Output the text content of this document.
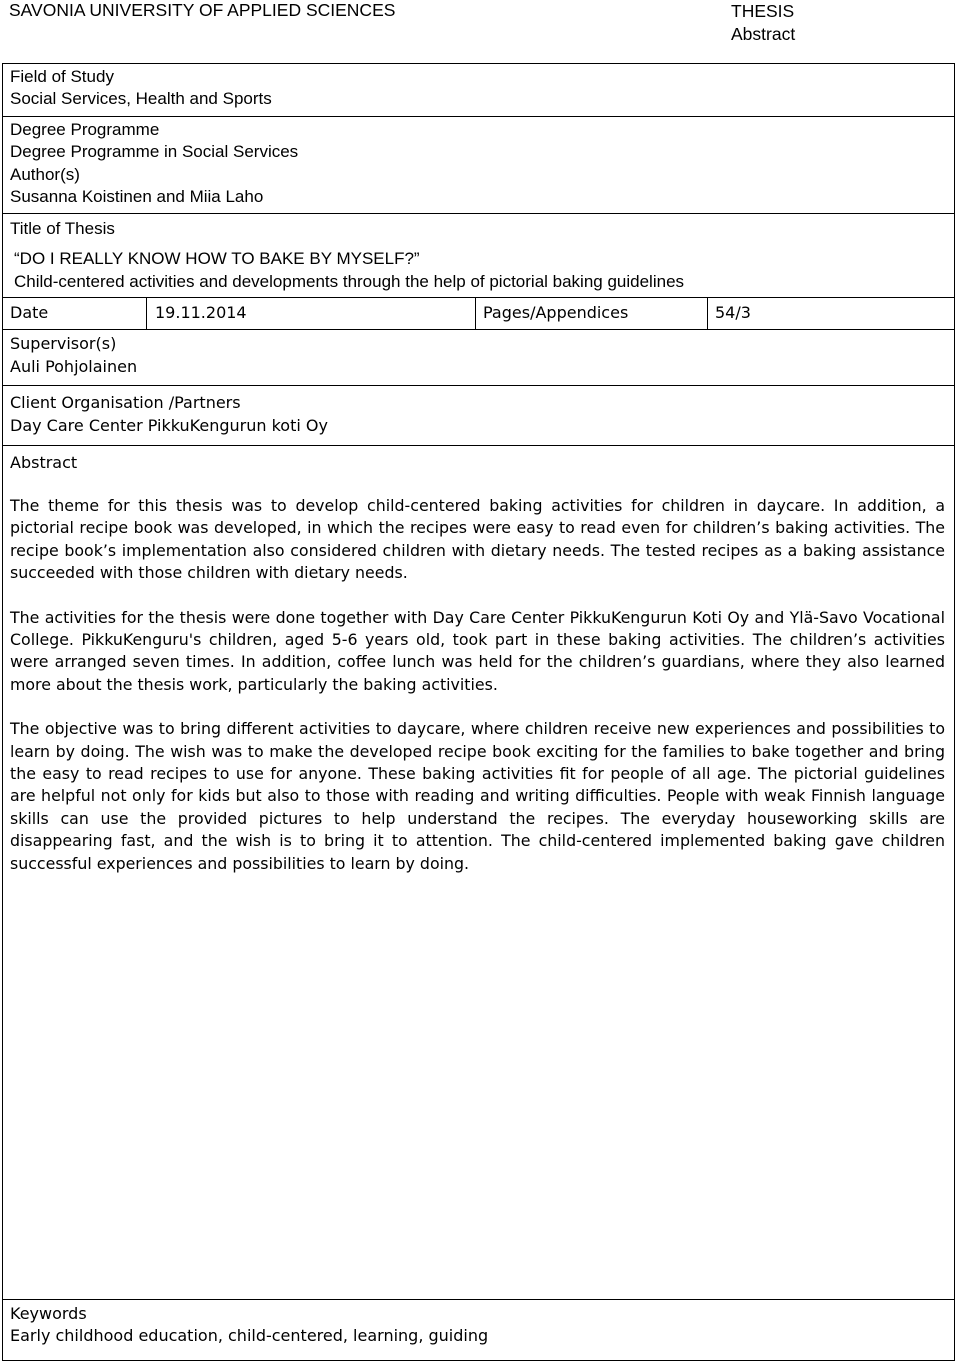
SAVONIA UNIVERSITY OF APPLIED SCIENCES	THESIS
Abstract
Field of Study
Social Services, Health and Sports
Degree Programme
Degree Programme in Social Services
Author(s)
Susanna Koistinen and Miia Laho
Title of Thesis
“DO I REALLY KNOW HOW TO BAKE BY MYSELF?”
Child-centered activities and developments through the help of pictorial baking guidelines
Date	19.11.2014	Pages/Appendices	54/3
Supervisor(s)
Auli Pohjolainen
Client Organisation /Partners
Day Care Center PikkuKengurun koti Oy
Abstract

The theme for this thesis was to develop child-centered baking activities for children in daycare. In addition, a pictorial recipe book was developed, in which the recipes were easy to read even for children’s baking activities. The recipe book’s implementation also considered children with dietary needs. The tested recipes as a baking assistance succeeded with those children with dietary needs.

The activities for the thesis were done together with Day Care Center PikkuKengurun Koti Oy and Ylä-Savo Vocational College. PikkuKenguru's children, aged 5-6 years old, took part in these baking activities. The children’s activities were arranged seven times. In addition, coffee lunch was held for the children’s guardians, where they also learned more about the thesis work, particularly the baking activities.

The objective was to bring different activities to daycare, where children receive new experiences and possibilities to learn by doing. The wish was to make the developed recipe book exciting for the families to bake together and bring the easy to read recipes to use for anyone. These baking activities fit for people of all age. The pictorial guidelines are helpful not only for kids but also to those with reading and writing difficulties. People with weak Finnish language skills can use the provided pictures to help understand the recipes. The everyday houseworking skills are disappearing fast, and the wish is to bring it to attention. The child-centered implemented baking gave children successful experiences and possibilities to learn by doing.

Keywords
Early childhood education, child-centered, learning, guiding
